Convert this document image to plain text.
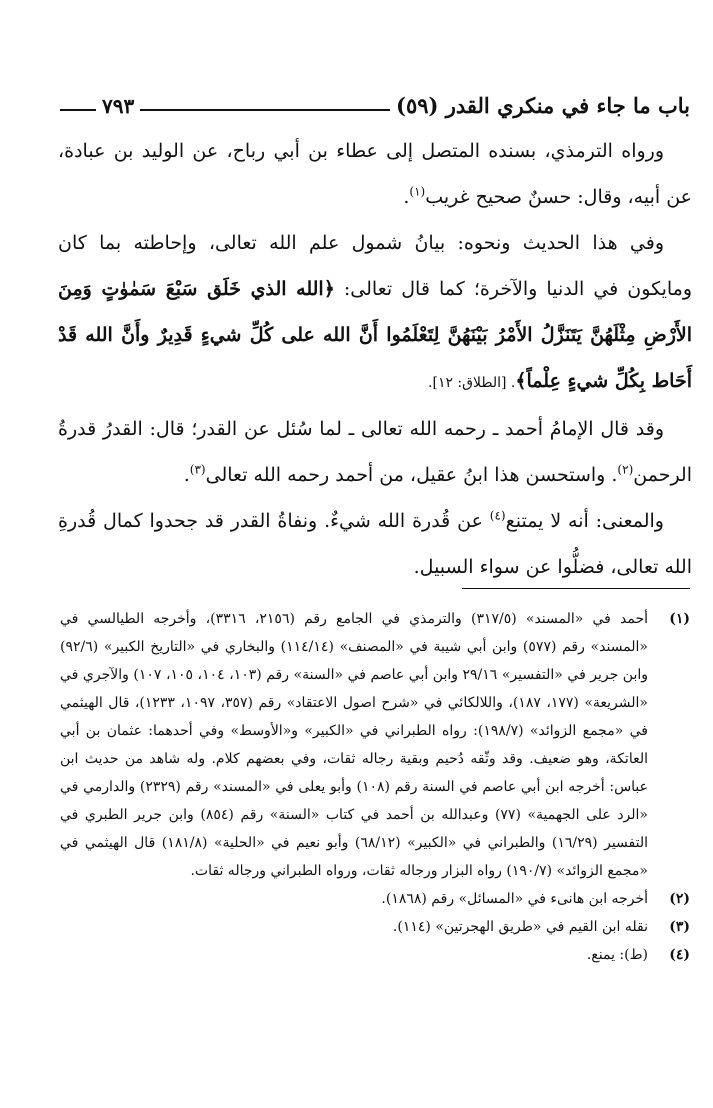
باب ما جاء في منكري القدر (٥٩)
٧٩٣

ورواه الترمذي، بسنده المتصل إلى عطاء بن أبي رباح، عن الوليد بن عبادة، عن أبيه، وقال: حسنٌ صحيح غريب$^{(١)}$.

وفي هذا الحديث ونحوه: بيانُ شمول علم الله تعالى، وإحاطته بما كان ومايكون في الدنيا والآخرة؛ كما قال تعالى: ﴿الله الذي خَلَق سَبْعَ سَمٰوٰتٍ وَمِنَ الأَرْضِ مِثْلَهُنَّ يَتَنَزَّلُ الأَمْرُ بَيْنَهُنَّ لِتَعْلَمُوا أَنَّ الله على كُلِّ شيءٍ قَدِيرٌ وأَنَّ الله قَدْ أَحَاط بِكُلِّ شيءٍ عِلْماً﴾. [الطلاق: ١٢].

وقد قال الإمامُ أحمد ـ رحمه الله تعالى ـ لما سُئل عن القدر؛ قال: القدرُ قدرةُ الرحمن$^{(٢)}$. واستحسن هذا ابنُ عقيل، من أحمد رحمه الله تعالى$^{(٣)}$.

والمعنى: أنه لا يمتنع$^{(٤)}$ عن قُدرة الله شيءٌ. ونفاةُ القدر قد جحدوا كمال قُدرةِ الله تعالى، فضلُّوا عن سواء السبيل.

(١)
أحمد في «المسند» (٣١٧/٥) والترمذي في الجامع رقم (٢١٥٦، ٣٣١٦)، وأخرجه الطيالسي في «المسند» رقم (٥٧٧) وابن أبي شيبة في «المصنف» (١١٤/١٤) والبخاري في «التاريخ الكبير» (٩٢/٦) وابن جرير في «التفسير» ٢٩/١٦ وابن أبي عاصم في «السنة» رقم (١٠٣، ١٠٤، ١٠٥، ١٠٧) والآجري في «الشريعة» (١٧٧، ١٨٧)، واللالكائي في «شرح اصول الاعتقاد» رقم (٣٥٧، ١٠٩٧، ١٢٣٣)، قال الهيثمي في «مجمع الزوائد» (١٩٨/٧): رواه الطبراني في «الكبير» و«الأوسط» وفي أحدهما: عثمان بن أبي العاتكة، وهو ضعيف. وقد وثّقه دُحيم وبقية رجاله ثقات، وفي بعضهم كلام. وله شاهد من حديث ابن عباس: أخرجه ابن أبي عاصم في السنة رقم (١٠٨) وأبو يعلى في «المسند» رقم (٢٣٢٩) والدارمي في «الرد على الجهمية» (٧٧) وعبدالله بن أحمد في كتاب «السنة» رقم (٨٥٤) وابن جرير الطبري في التفسير (١٦/٢٩) والطبراني في «الكبير» (٦٨/١٢) وأبو نعيم في «الحلية» (١٨١/٨) قال الهيثمي في «مجمع الزوائد» (١٩٠/٧) رواه البزار ورجاله ثقات، ورواه الطبراني ورجاله ثقات.
(٢)
أخرجه ابن هانىء في «المسائل» رقم (١٨٦٨).
(٣)
نقله ابن القيم في «طريق الهجرتين» (١١٤).
(٤)
(ط): يمنع.
